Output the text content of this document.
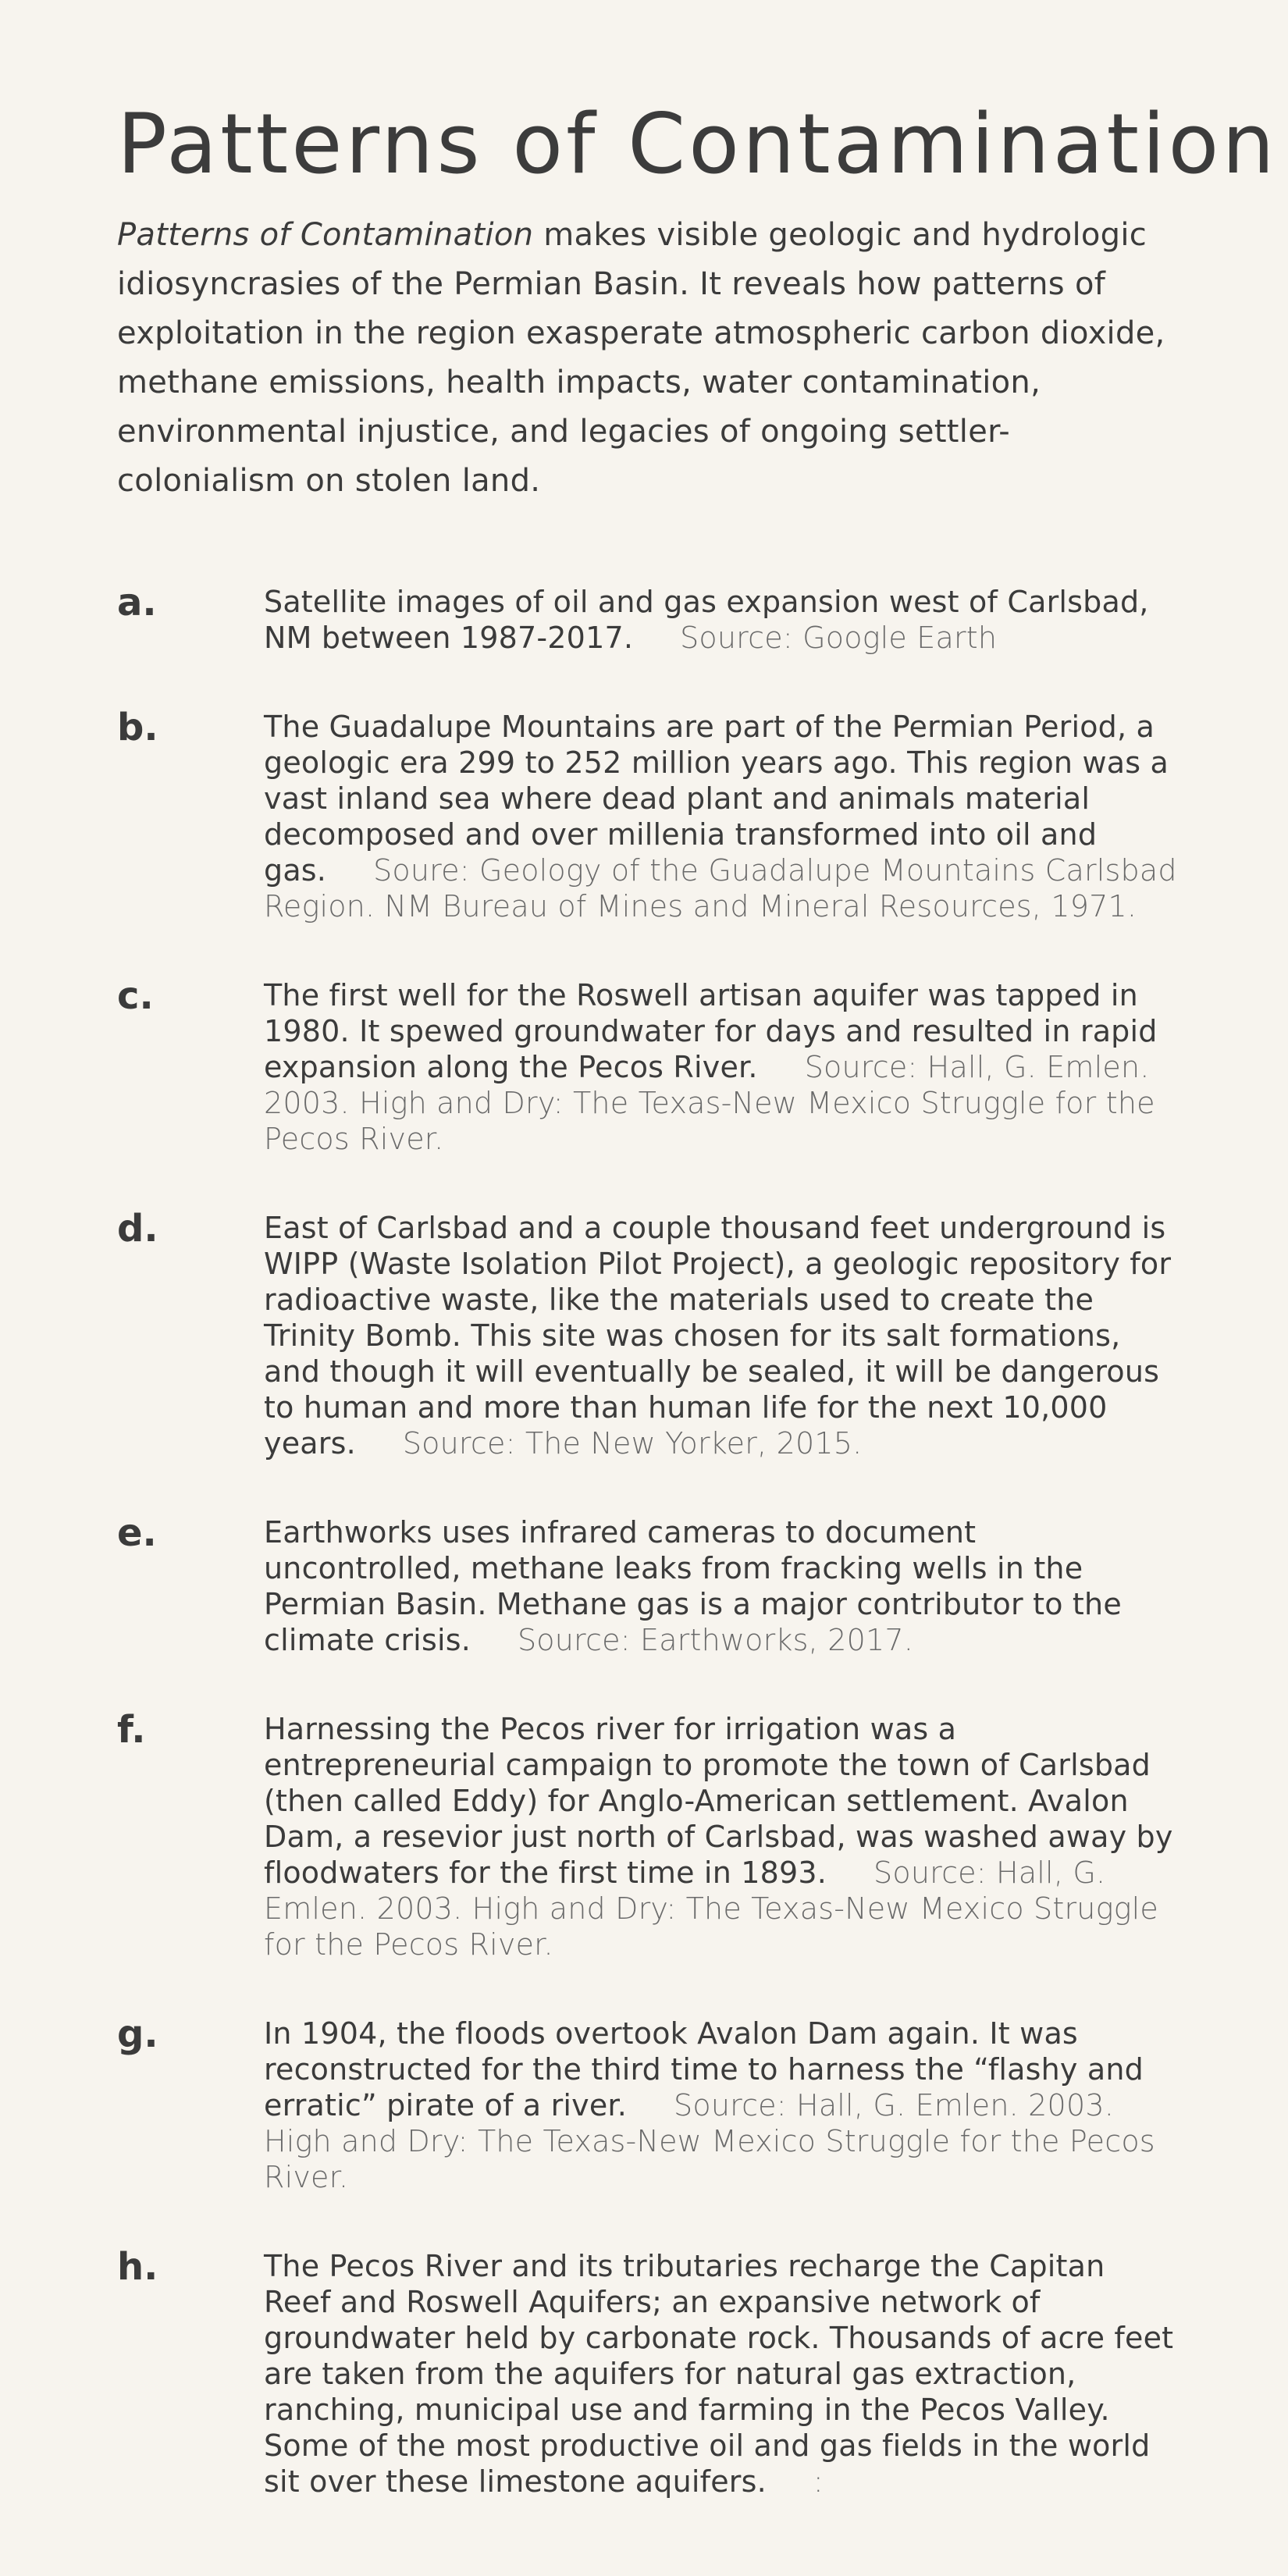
Patterns of Contamination

Patterns of Contamination makes visible geologic and hydrologic idiosyncrasies of the Permian Basin. It reveals how patterns of exploitation in the region exasperate atmospheric carbon dioxide, methane emissions, health impacts, water contamination, environmental injustice, and legacies of ongoing settler-colonialism on stolen land.

a.	Satellite images of oil and gas expansion west of Carlsbad, NM between 1987-2017. Source: Google Earth
b.	The Guadalupe Mountains are part of the Permian Period, a geologic era 299 to 252 million years ago. This region was a vast inland sea where dead plant and animals material decomposed and over millenia transformed into oil and gas. Soure: Geology of the Guadalupe Mountains Carlsbad Region. NM Bureau of Mines and Mineral Resources, 1971.
c.	The first well for the Roswell artisan aquifer was tapped in 1980. It spewed groundwater for days and resulted in rapid expansion along the Pecos River. Source: Hall, G. Emlen. 2003. High and Dry: The Texas-New Mexico Struggle for the Pecos River.
d.	East of Carlsbad and a couple thousand feet underground is WIPP (Waste Isolation Pilot Project), a geologic repository for radioactive waste, like the materials used to create the Trinity Bomb. This site was chosen for its salt formations, and though it will eventually be sealed, it will be dangerous to human and more than human life for the next 10,000 years. Source: The New Yorker, 2015.
e.	Earthworks uses infrared cameras to document uncontrolled, methane leaks from fracking wells in the Permian Basin. Methane gas is a major contributor to the climate crisis. Source: Earthworks, 2017.
f.	Harnessing the Pecos river for irrigation was a entrepreneurial campaign to promote the town of Carlsbad (then called Eddy) for Anglo-American settlement. Avalon Dam, a resevior just north of Carlsbad, was washed away by floodwaters for the first time in 1893. Source: Hall, G. Emlen. 2003. High and Dry: The Texas-New Mexico Struggle for the Pecos River.
g.	In 1904, the floods overtook Avalon Dam again. It was reconstructed for the third time to harness the “flashy and erratic” pirate of a river. Source: Hall, G. Emlen. 2003. High and Dry: The Texas-New Mexico Struggle for the Pecos River.
h.	The Pecos River and its tributaries recharge the Capitan Reef and Roswell Aquifers; an expansive network of groundwater held by carbonate rock. Thousands of acre feet are taken from the aquifers for natural gas extraction, ranching, municipal use and farming in the Pecos Valley. Some of the most productive oil and gas fields in the world sit over these limestone aquifers. :
